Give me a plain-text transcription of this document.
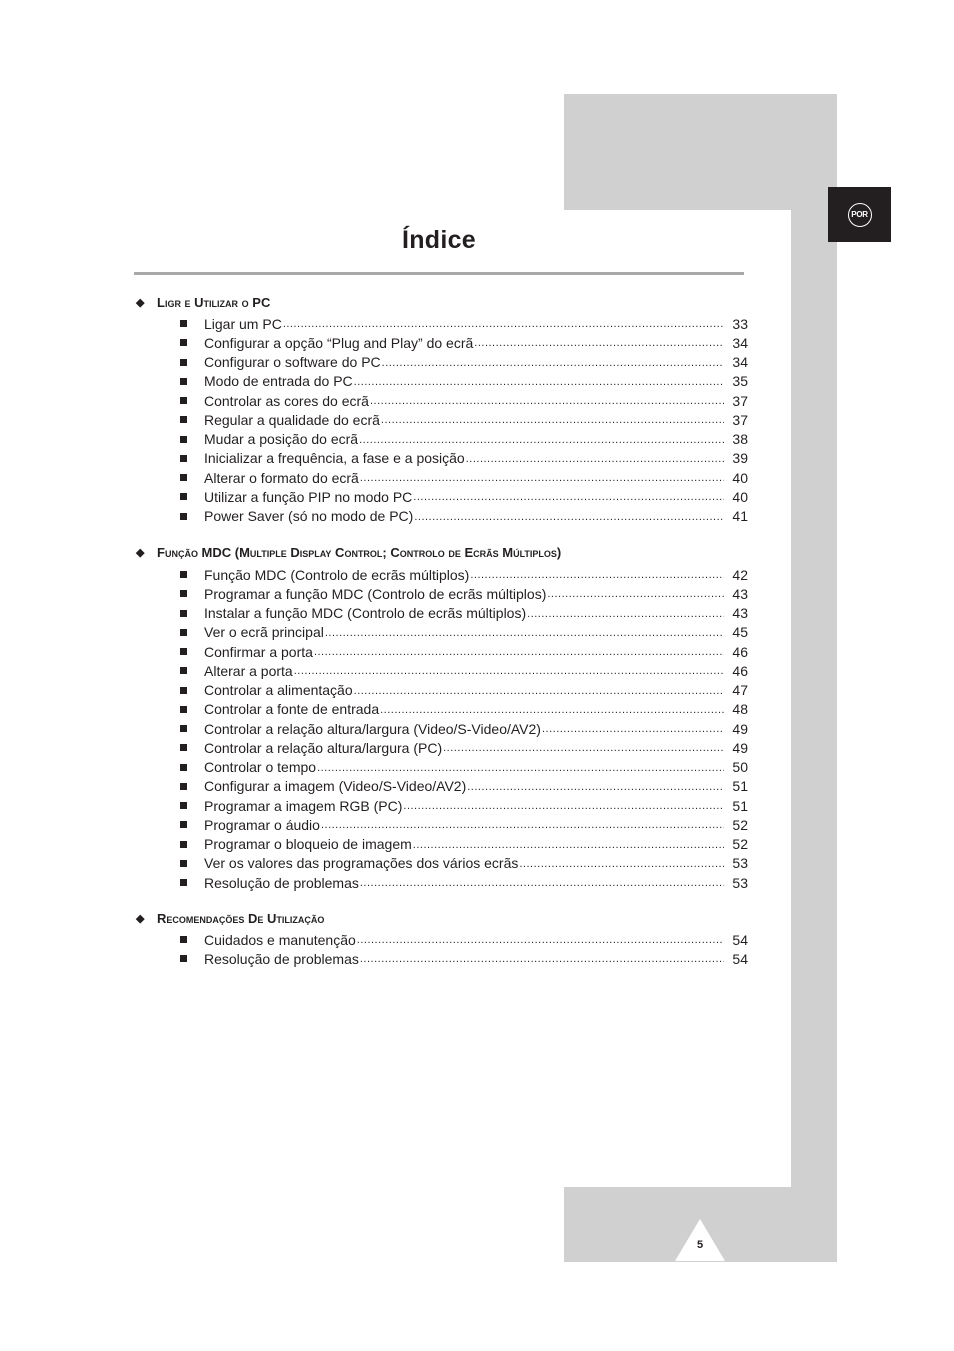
POR
Índice
◆ Ligr e Utilizar o PC
Ligar um PC .....	33
Configurar a opção “Plug and Play” do ecrã .....	34
Configurar o software do PC .....	34
Modo de entrada do PC .....	35
Controlar as cores do ecrã .....	37
Regular a qualidade do ecrã .....	37
Mudar a posição do ecrã .....	38
Inicializar a frequência, a fase e a posição .....	39
Alterar o formato do ecrã .....	40
Utilizar a função PIP no modo PC .....	40
Power Saver (só no modo de PC) .....	41
◆ Função MDC (Multiple Display Control; Controlo de Ecrãs Múltiplos)
Função MDC (Controlo de ecrãs múltiplos) .....	42
Programar a função MDC (Controlo de ecrãs múltiplos) .....	43
Instalar a função MDC (Controlo de ecrãs múltiplos) .....	43
Ver o ecrã principal .....	45
Confirmar a porta .....	46
Alterar a porta .....	46
Controlar a alimentação .....	47
Controlar a fonte de entrada .....	48
Controlar a relação altura/largura (Video/S-Video/AV2) .....	49
Controlar a relação altura/largura (PC) .....	49
Controlar o tempo .....	50
Configurar a imagem (Video/S-Video/AV2) .....	51
Programar a imagem RGB (PC) .....	51
Programar o áudio .....	52
Programar o bloqueio de imagem .....	52
Ver os valores das programações dos vários ecrãs .....	53
Resolução de problemas .....	53
◆ Recomendações De Utilização
Cuidados e manutenção .....	54
Resolução de problemas .....	54
5
